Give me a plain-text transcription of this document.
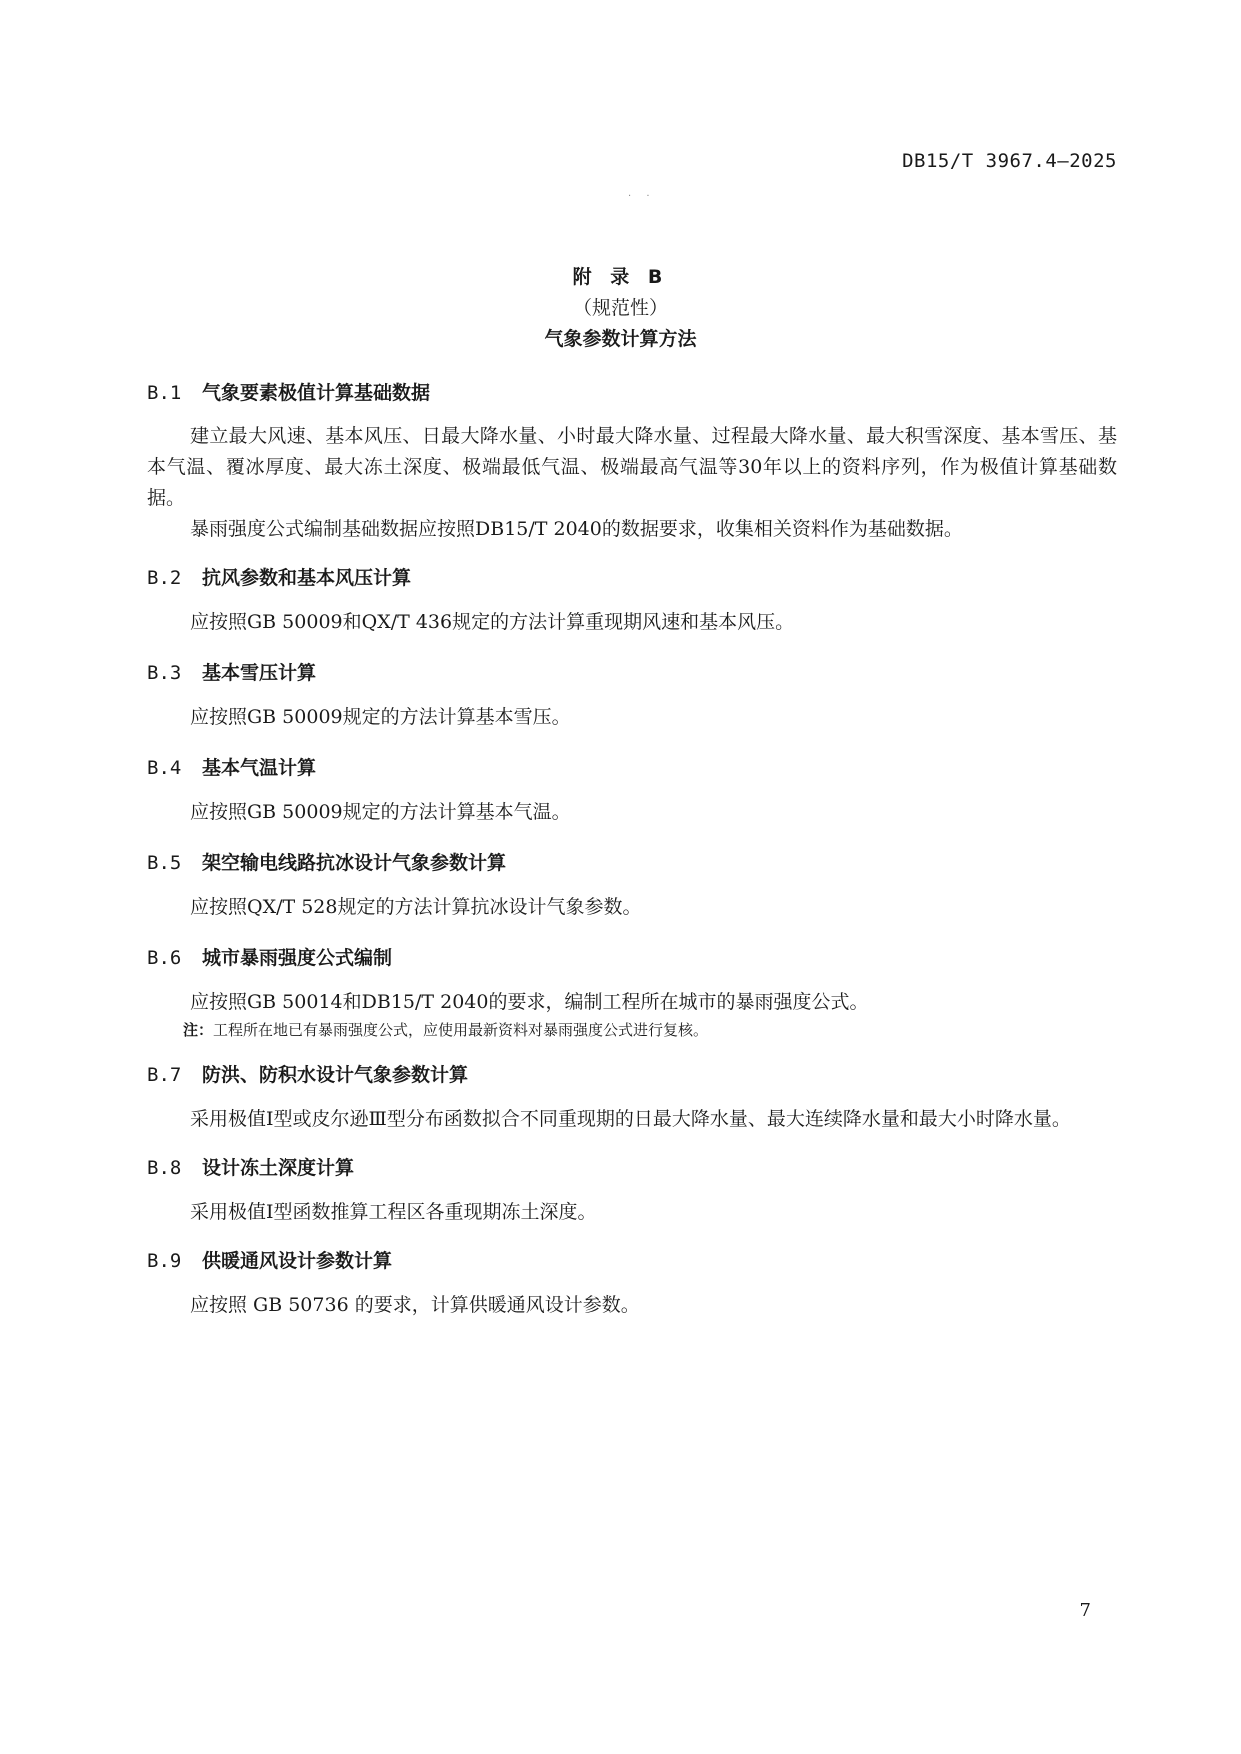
DB15/T 3967.4—2025
· ·
附 录 B
（规范性）
气象参数计算方法

B.1 气象要素极值计算基础数据

建立最大风速、基本风压、日最大降水量、小时最大降水量、过程最大降水量、最大积雪深度、基本雪压、基本气温、覆冰厚度、最大冻土深度、极端最低气温、极端最高气温等30年以上的资料序列，作为极值计算基础数据。

暴雨强度公式编制基础数据应按照DB15/T 2040的数据要求，收集相关资料作为基础数据。

B.2 抗风参数和基本风压计算

应按照GB 50009和QX/T 436规定的方法计算重现期风速和基本风压。

B.3 基本雪压计算

应按照GB 50009规定的方法计算基本雪压。

B.4 基本气温计算

应按照GB 50009规定的方法计算基本气温。

B.5 架空输电线路抗冰设计气象参数计算

应按照QX/T 528规定的方法计算抗冰设计气象参数。

B.6 城市暴雨强度公式编制

应按照GB 50014和DB15/T 2040的要求，编制工程所在城市的暴雨强度公式。

注：工程所在地已有暴雨强度公式，应使用最新资料对暴雨强度公式进行复核。

B.7 防洪、防积水设计气象参数计算

采用极值I型或皮尔逊Ⅲ型分布函数拟合不同重现期的日最大降水量、最大连续降水量和最大小时降水量。

B.8 设计冻土深度计算

采用极值I型函数推算工程区各重现期冻土深度。

B.9 供暖通风设计参数计算

应按照 GB 50736 的要求，计算供暖通风设计参数。

7
